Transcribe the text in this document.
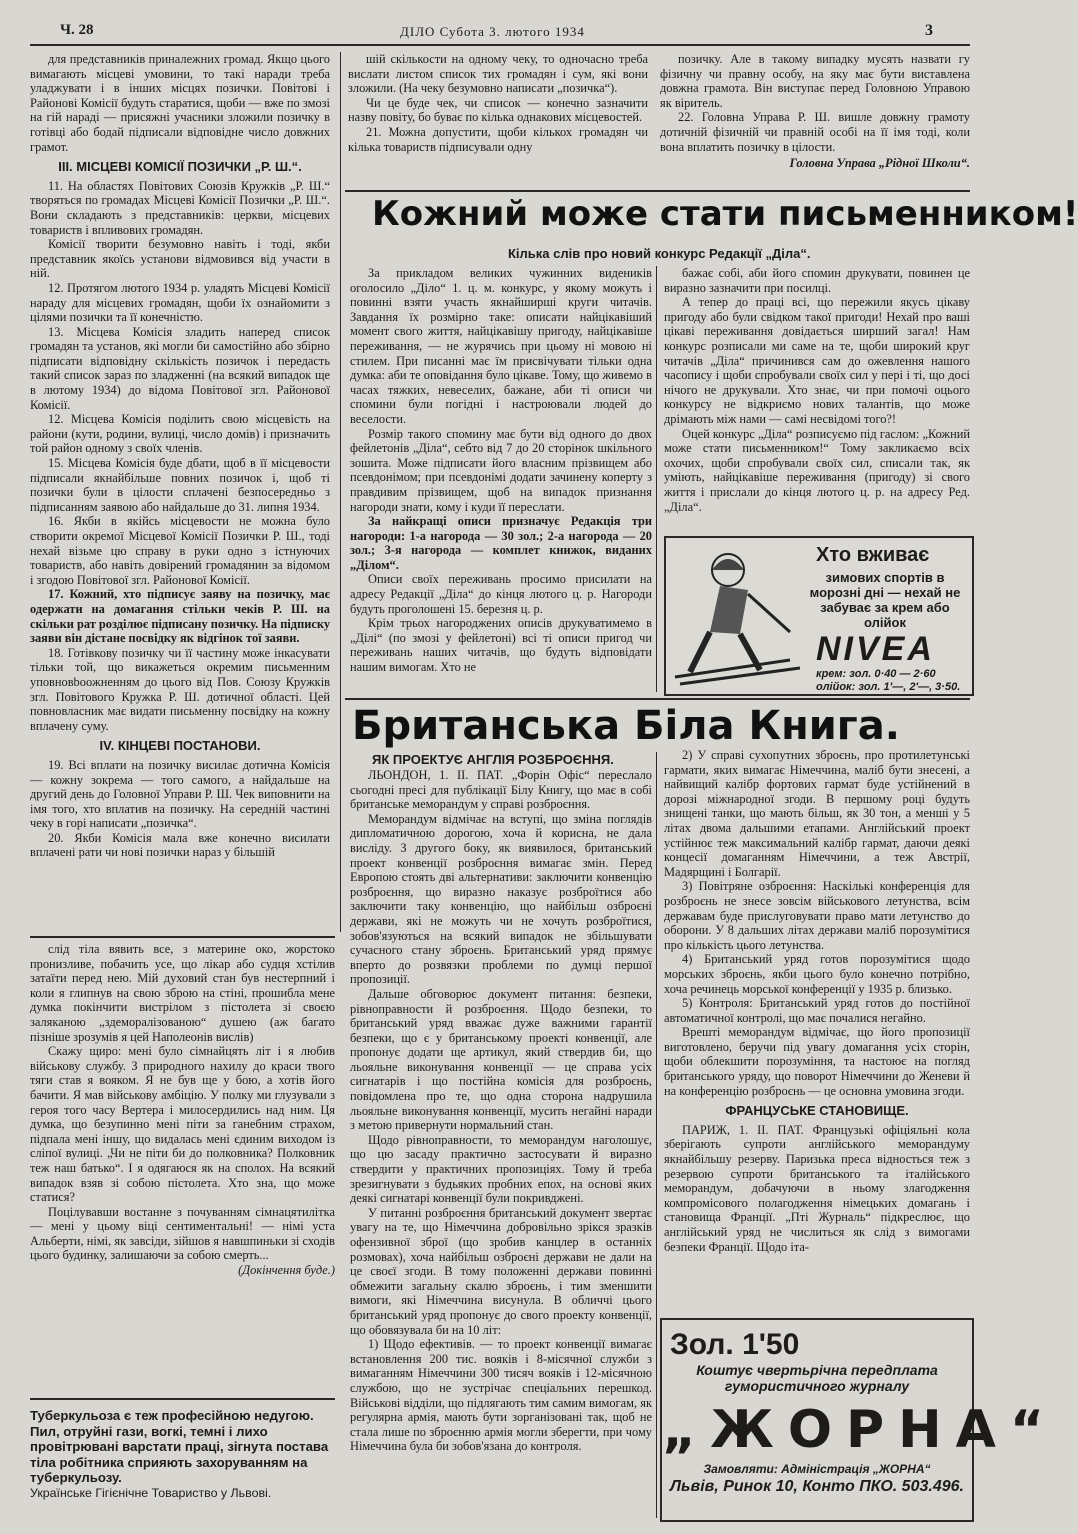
Ч. 28	ДІЛО Субота 3. лютого 1934	3

для представників приналежних громад. Якщо цього вимагають місцеві умовини, то такі наради треба уладжувати і в інших місцях позички. Повітові і Районові Комісії будуть старатися, щоби — вже по змозі на гій нараді — присяжні учасники зложили позичку в готівці або бодай підписали відповідне число довжних грамот.

III. МІСЦЕВІ КОМІСІЇ ПОЗИЧКИ „Р. Ш.“.

11. На областях Повітових Союзів Кружків „Р. Ш.“ творяться по громадах Місцеві Комісії Позички „Р. Ш.“. Вони складають з представників: церкви, місцевих товариств і впливових громадян.

Комісії творити безумовно навіть і тоді, якби представник якоїсь установи відмовився від участи в ній.

12. Протягом лютого 1934 р. уладять Місцеві Комісії нараду для місцевих громадян, щоби їх ознайомити з цілями позички та її конечністю.

13. Місцева Комісія зладить наперед список громадян та установ, які могли би самостійно або збірно підписати відповідну скількість позичок і передасть такий список зараз по зладженні (на всякий випадок ще в лютому 1934) до відома Повітової згл. Районової Комісії.

12. Місцева Комісія поділить свою місцевість на райони (кути, родини, вулиці, число домів) і призначить той район одному з своїх членів.

15. Місцева Комісія буде дбати, щоб в її місцевости підписали якнайбільше повних позичок і, щоб ті позички були в цілости сплачені безпосередньо з підписанням заявою або найдальше до 31. липня 1934.

16. Якби в якійсь місцевости не можна було створити окремої Місцевої Комісії Позички Р. Ш., тоді нехай візьме цю справу в руки одно з істнуючих товариств, або навіть довірений громадянин за відомом і згодою Повітової згл. Районової Комісії.

17. Кожний, хто підписує заяву на позичку, має одержати на домагання стільки чеків Р. Ш. на скільки рат розділює підписану позичку. На підписку заяви він дістане посвідку як відгінок тої заяви.

18. Готівкову позичку чи її частину може інкасувати тільки той, що викажеться окремим письменним уповновbooжненням до цього від Пов. Союзу Кружків згл. Повітового Кружка Р. Ш. дотичної області. Цей повновласник має видати письменну посвідку на кожну вплачену суму.

IV. КІНЦЕВІ ПОСТАНОВИ.

19. Всі вплати на позичку висилає дотична Комісія — кожну зокрема — того самого, а найдальше на другий день до Головної Управи Р. Ш. Чек виповнити на імя того, хто вплатив на позичку. На середній частині чеку в горі написати „позичка“.

20. Якби Комісія мала вже конечно висилати вплачені рати чи нові позички нараз у більшій

шій скількости на одному чеку, то одночасно треба вислати листом список тих громадян і сум, які вони зложили. (На чеку безумовно написати „позичка“).

Чи це буде чек, чи список — конечно зазначити назву повіту, бо буває по кілька однакових місцевостей.

21. Можна допустити, щоби кількох громадян чи кілька товариств підписували одну

позичку. Але в такому випадку мусять назвати гу фізичну чи правну особу, на яку має бути виставлена довжна грамота. Він виступає перед Головною Управою як віритель.

22. Головна Управа Р. Ш. вишле довжну грамоту дотичній фізичній чи правній особі на її імя тоді, коли вона вплатить позичку в цілости.

Головна Управа „Рідної Школи“.
Кожний може стати письменником!
Кілька слів про новий конкурс Редакції „Діла“.

За прикладом великих чужинних видеників оголосило „Діло“ 1. ц. м. конкурс, у якому можуть і повинні взяти участь якнайширші круги читачів. Завдання їх розмірно таке: описати найцікавіший момент свого життя, найцікавішу пригоду, найцікавіше переживання, — не журячись при цьому ні мовою ні стилем. При писанні має їм присвічувати тільки одна думка: аби те оповідання було цікаве. Тому, що живемо в часах тяжких, невеселих, бажане, аби ті описи чи спомини були погідні і настроювали людей до веселости.

Розмір такого спомину має бути від одного до двох фейлетонів „Діла“, себто від 7 до 20 сторінок шкільного зошита. Може підписати його власним прізвищем або псевдонімом; при псевдонімі додати зачинену коперту з правдивим прізвищем, щоб на випадок признання нагороди знати, кому і куди її переслати.

За найкращі описи призначує Редакція три нагороди: 1-а нагорода — 30 зол.; 2-а нагорода — 20 зол.; 3-я нагорода — комплет книжок, виданих „Ділом“.

Описи своїх переживань просимо присилати на адресу Редакції „Діла“ до кінця лютого ц. р. Нагороди будуть проголошені 15. березня ц. р.

Крім трьох нагороджених описів друкуватимемо в „Ділі“ (по змозі у фейлетоні) всі ті описи пригод чи переживань наших читачів, що будуть відповідати нашим вимогам. Хто не

бажає собі, аби його спомин друкувати, повинен це виразно зазначити при посилці.

А тепер до праці всі, що пережили якусь цікаву пригоду або були свідком такої пригоди! Нехай про ваші цікаві переживання довідається ширший загал! Нам конкурс розписали ми саме на те, щоби широкий круг читачів „Діла“ причинився сам до ожевлення нашого часопису і щоби спробували своїх сил у пері і ті, що досі нічого не друкували. Хто знає, чи при помочі оцього конкурсу не відкриємо нових талантів, що може дрімають між нами — самі несвідомі того?!

Оцей конкурс „Діла“ розписуємо під гаслом: „Кожний може стати письменником!“ Тому закликаємо всіх охочих, щоби спробували своїх сил, списали так, як уміють, найцікавіше переживання (пригоду) зі свого життя і прислали до кінця лютого ц. р. на адресу Ред. „Діла“.

Хто вживає
зимових спортів в морозні дні — нехай не забуває за крем або олійок
NIVEA
крем: зол. 0·40 — 2·60
олійок: зол. 1'—, 2'—, 3·50.
Британська Біла Книга.
ЯК ПРОЕКТУЄ АНГЛІЯ РОЗБРОЄННЯ.

ЛЬОНДОН, 1. II. ПАТ. „Форін Офіс“ переслало сьогодні пресі для публікації Білу Книгу, що має в собі британське меморандум у справі розброєння.

Меморандум відмічає на вступі, що зміна поглядів дипломатичною дорогою, хоча й корисна, не дала висліду. З другого боку, як виявилося, британський проект конвенції розброєння вимагає змін. Перед Европою стоять дві альтернативи: заключити конвенцію розброєння, що виразно наказує розброїтися або заключити таку конвенцію, що найбільш озброєні держави, які не можуть чи не хочуть розброїтися, зобов'язуються на всякий випадок не збільшувати сучасного стану зброєнь. Британський уряд прямує вперто до розвязки проблеми по думці першої пропозиції.

Дальше обговорює документ питання: безпеки, рівноправности й розброєння. Щодо безпеки, то британський уряд вважає дуже важними гарантії безпеки, що є у британському проекті конвенції, але пропонує додати ще артикул, який ствердив би, що льояльне виконування конвенції — це справа усіх сигнатарів і що постійна комісія для розброєнь, повідомлена про те, що одна сторона надрушила льояльне виконування конвенції, мусить негайні наради з метою привернути нормальний стан.

Щодо рівноправности, то меморандум наголошує, що цю засаду практично застосувати й виразно ствердити у практичних пропозиціях. Тому й треба зрезигнувати з будьяких пробних епох, на основі яких деякі сигнатарі конвенції були покривджені.

У питанні розброєння британський документ звертає увагу на те, що Німеччина добровільно зрікся зразків офензивної зброї (що зробив канцлер в останніх розмовах), хоча найбільш озброєні держави не дали на це своєї згоди. В тому положенні держави повинні обмежити загальну скалю зброєнь, і тим зменшити вимоги, які Німеччина висунула. В обличчі цього британський уряд пропонує до свого проекту конвенції, що обовязувала би на 10 літ:

1) Щодо ефективів. — то проект конвенції вимагає встановлення 200 тис. вояків і 8-місячної служби з вимаганням Німеччини 300 тисяч вояків і 12-місячною службою, що не зустрічає спеціальних перешкод. Військові відділи, що підлягають тим самим вимогам, як регулярна армія, мають бути зорганізовані так, щоб не стала лише по зброєнню армія могли зберегти, при чому Німеччина була би зобов'язана до контроля.

2) У справі сухопутних зброєнь, про протилетунські гармати, яких вимагає Німеччина, маліб бути знесені, а найвищий калібр фортових гармат буде устійнений в дорозі міжнародної згоди. В першому році будуть знищені танки, що мають більш, як 30 тон, а менші у 5 літах двома дальшими етапами. Англійський проект устійнює теж максимальний калібр гармат, даючи деякі концесії домаганням Німеччини, а теж Австрії, Мадярщині і Болгарії.

3) Повітряне озброєння: Наскількі конференція для розброєнь не знесе зовсім військового летунства, всім державам буде прислуговувати право мати летунство до оборони. У 8 дальших літах держави маліб порозумітися про кількість цього летунства.

4) Британський уряд готов порозумітися щодо морських зброєнь, якби цього було конечно потрібно, хоча речинець морської конференції у 1935 р. близько.

5) Контроля: Британський уряд готов до постійної автоматичної контролі, що має почалися негайно.

Врешті меморандум відмічає, що його пропозиції виготовлено, беручи під увагу домагання усіх сторін, щоби облекшити порозуміння, та настоює на погляд британського уряду, що поворот Німеччини до Женеви й на конференцію розброєнь — це основна умовина згоди.

ФРАНЦУСЬКЕ СТАНОВИЩЕ.

ПАРИЖ, 1. II. ПАТ. Французькі офіціяльні кола зберігають супроти англійського меморандуму якнайбільшу резерву. Паризька преса відносться теж з резервою супроти британського та італійського меморандум, добачуючи в ньому злагодження компромісового полагодження німецьких домагань і становища Франції. „Пті Журналь“ підкреслює, що англійський уряд не числиться як слід з вимогами безпеки Франції. Щодо іта-

слід тіла вявить все, з материне око, жорстоко пронизливе, побачить усе, що лікар або судця хстілив затаїти перед нею. Мій духовий стан був нестерпний і коли я глипнув на свою зброю на стіні, прошибла мене думка покінчити вистрілом з пістолета зі своєю заляканою „здеморалізованою“ душею (аж багато пізніше зрозумів я цей Наполеонів вислів)

Скажу щиро: мені було сімнайцять літ і я любив військову службу. З природного нахилу до краси твого тяги став я вояком. Я не був ще у бою, а хотів його бачити. Я мав військову амбіцію. У полку ми глузували з героя того часу Вертера і милосердились над ним. Ця думка, що безупинно мені піти за ганебним страхом, підпала мені іншу, що видалась мені єдиним виходом із сліпої вулиці. „Чи не піти би до полковника? Полковник теж наш батько“. І я одягаюся як на сполох. На всякий випадок взяв зі собою пістолета. Хто зна, що може статися?

Поцілувавши востанне з почуванням сімнацятилітка — мені у цьому віці сентиментальні! — німі уста Альберти, німі, як завсіди, зійшов я навшпиньки зі сходів цього будинку, залишаючи за собою смерть...

(Докінчення буде.)
Туберкульоза є теж професійною недугою. Пил, отруйні гази, вогкі, темні і лихо провітрювані варстати праці, зігнута постава тіла робітника сприяють захоруванням на туберкульозу.
Українське Гігієнічне Товариство у Львові.
Зол. 1'50
Коштує чвертьрічна передплата
гумористичного журналу
„ЖОРНА“
Замовляти: Адміністрація „ЖОРНА“
Львів, Ринок 10, Конто ПКО. 503.496.
